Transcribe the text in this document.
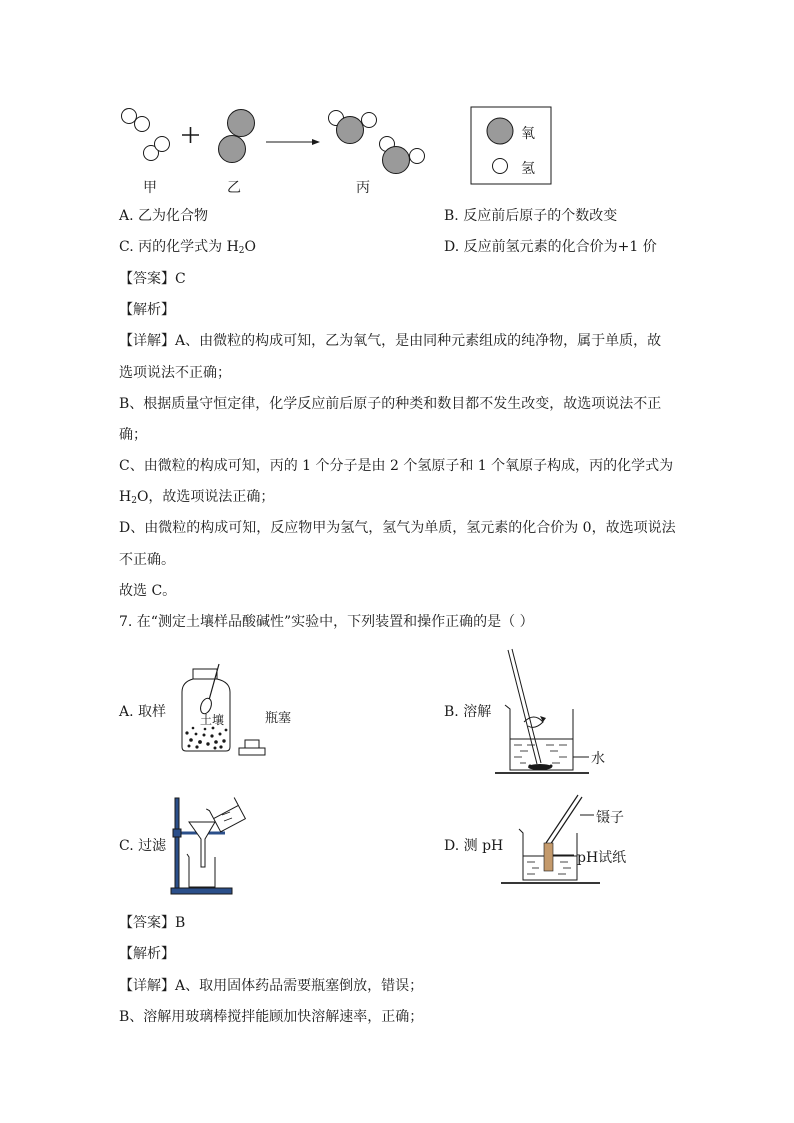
甲	乙	丙
氧
氢
A. 乙为化合物	B. 反应前后原子的个数改变
C. 丙的化学式为 $H_2O$	D. 反应前氢元素的化合价为+1 价
【答案】C
【解析】
【详解】A、由微粒的构成可知，乙为氧气，是由同种元素组成的纯净物，属于单质，故
选项说法不正确；
B、根据质量守恒定律，化学反应前后原子的种类和数目都不发生改变，故选项说法不正
确；
C、由微粒的构成可知，丙的 1 个分子是由 2 个氢原子和 1 个氧原子构成，丙的化学式为
$H_2O$，故选项说法正确；
D、由微粒的构成可知，反应物甲为氢气，氢气为单质，氢元素的化合价为 0，故选项说法
不正确。
故选 C。
7. 在“测定土壤样品酸碱性”实验中，下列装置和操作正确的是（ ）
土壤	瓶塞
A. 取样
水
B. 溶解
C. 过滤
镊子
pH试纸
D. 测 pH
【答案】B
【解析】
【详解】A、取用固体药品需要瓶塞倒放，错误；
B、溶解用玻璃棒搅拌能顾加快溶解速率，正确；
